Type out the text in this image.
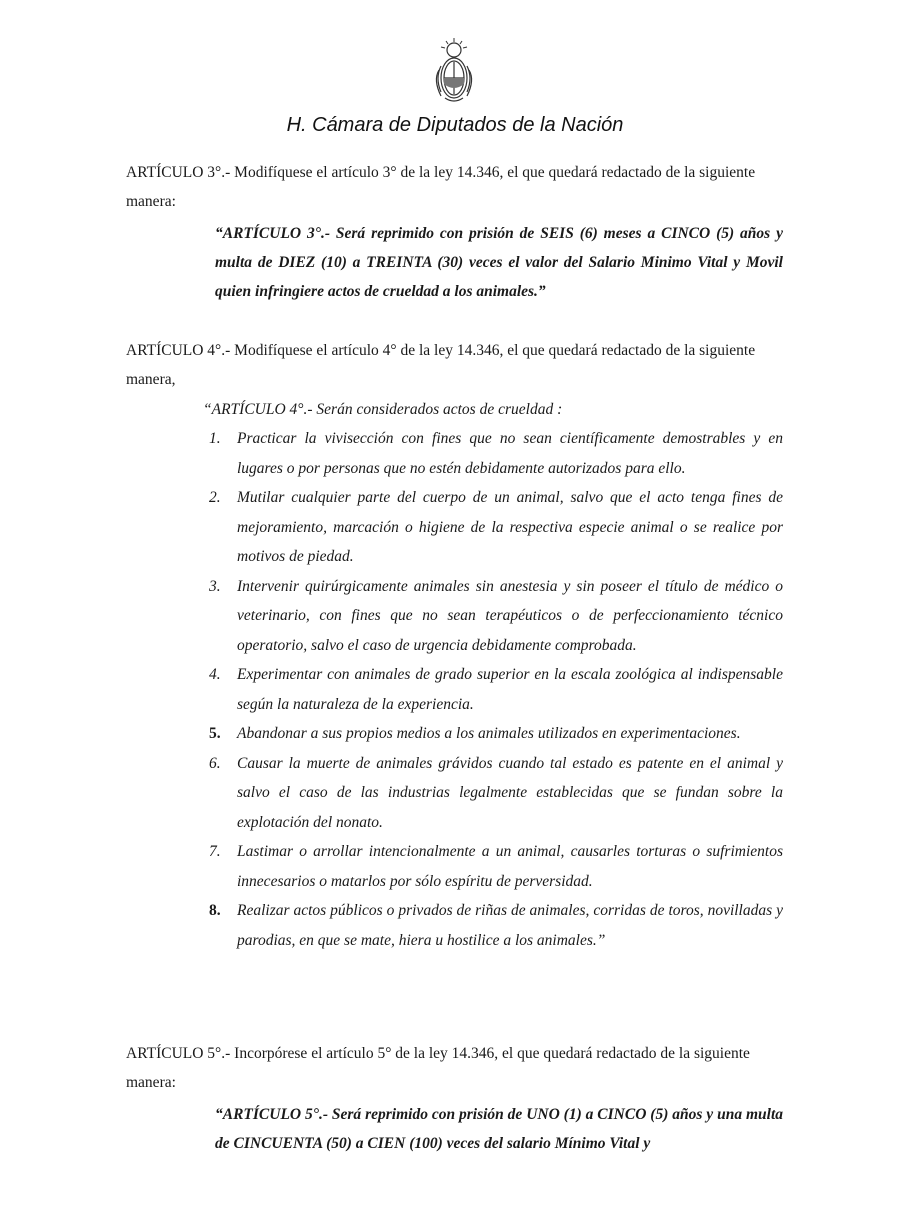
H. Cámara de Diputados de la Nación
ARTÍCULO 3°.- Modifíquese el artículo 3° de la ley 14.346, el que quedará redactado de la siguiente manera:
“ARTÍCULO 3°.- Será reprimido con prisión de SEIS (6) meses a CINCO (5) años y multa de DIEZ (10) a TREINTA (30) veces el valor del Salario Minimo Vital y Movil quien infringiere actos de crueldad a los animales.”
ARTÍCULO 4°.- Modifíquese el artículo 4° de la ley 14.346, el que quedará redactado de la siguiente manera,
“ARTÍCULO 4°.- Serán considerados actos de crueldad :
1.	Practicar la vivisección con fines que no sean científicamente demostrables y en lugares o por personas que no estén debidamente autorizados para ello.
2.	Mutilar cualquier parte del cuerpo de un animal, salvo que el acto tenga fines de mejoramiento, marcación o higiene de la respectiva especie animal o se realice por motivos de piedad.
3.	Intervenir quirúrgicamente animales sin anestesia y sin poseer el título de médico o veterinario, con fines que no sean terapéuticos o de perfeccionamiento técnico operatorio, salvo el caso de urgencia debidamente comprobada.
4.	Experimentar con animales de grado superior en la escala zoológica al indispensable según la naturaleza de la experiencia.
5.	Abandonar a sus propios medios a los animales utilizados en experimentaciones.
6.	Causar la muerte de animales grávidos cuando tal estado es patente en el animal y salvo el caso de las industrias legalmente establecidas que se fundan sobre la explotación del nonato.
7.	Lastimar o arrollar intencionalmente a un animal, causarles torturas o sufrimientos innecesarios o matarlos por sólo espíritu de perversidad.
8.	Realizar actos públicos o privados de riñas de animales, corridas de toros, novilladas y parodias, en que se mate, hiera u hostilice a los animales.”
ARTÍCULO 5°.- Incorpórese el artículo 5° de la ley 14.346, el que quedará redactado de la siguiente manera:
“ARTÍCULO 5°.- Será reprimido con prisión de UNO (1) a CINCO (5) años y una multa de CINCUENTA (50) a CIEN (100) veces del salario Mínimo Vital y
